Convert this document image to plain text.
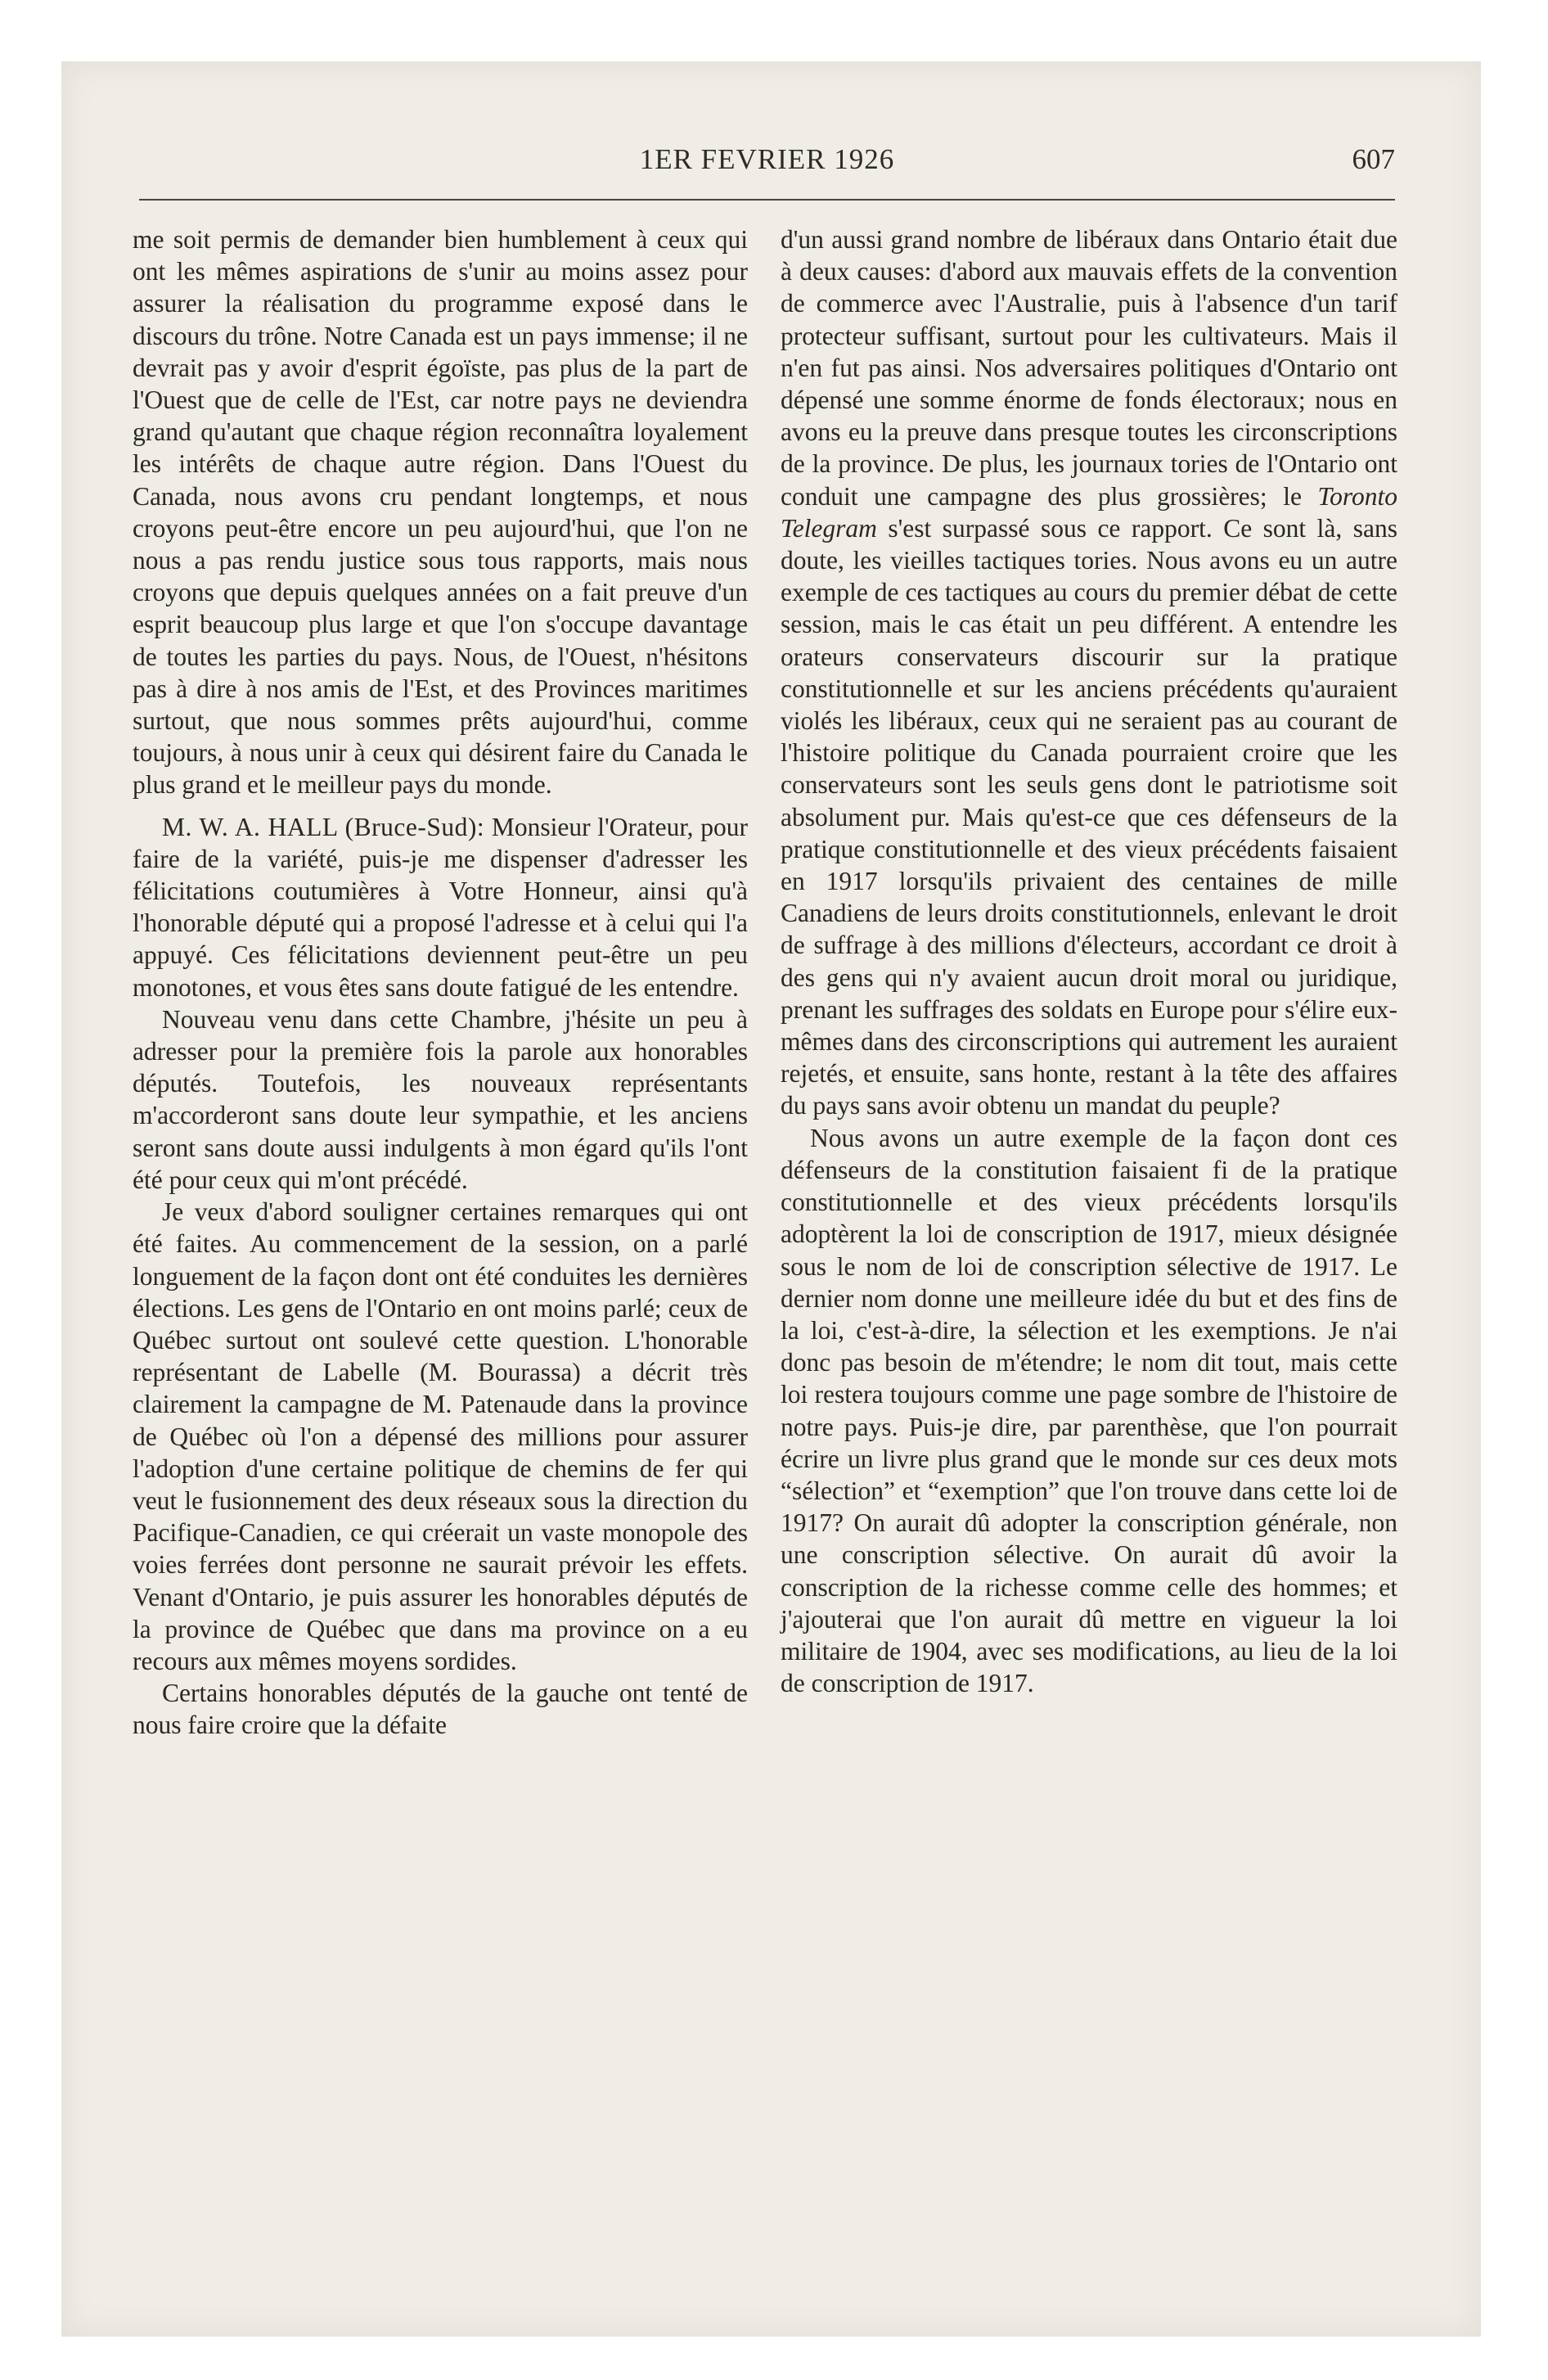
1ER FEVRIER 1926	607

me soit permis de demander bien humblement à ceux qui ont les mêmes aspirations de s'unir au moins assez pour assurer la réalisation du programme exposé dans le discours du trône. Notre Canada est un pays immense; il ne devrait pas y avoir d'esprit égoïste, pas plus de la part de l'Ouest que de celle de l'Est, car notre pays ne deviendra grand qu'autant que chaque région reconnaîtra loyalement les intérêts de chaque autre région. Dans l'Ouest du Canada, nous avons cru pendant longtemps, et nous croyons peut-être encore un peu aujourd'hui, que l'on ne nous a pas rendu justice sous tous rapports, mais nous croyons que depuis quelques années on a fait preuve d'un esprit beaucoup plus large et que l'on s'occupe davantage de toutes les parties du pays. Nous, de l'Ouest, n'hésitons pas à dire à nos amis de l'Est, et des Provinces maritimes surtout, que nous sommes prêts aujourd'hui, comme toujours, à nous unir à ceux qui désirent faire du Canada le plus grand et le meilleur pays du monde.

M. W. A. HALL (Bruce-Sud): Monsieur l'Orateur, pour faire de la variété, puis-je me dispenser d'adresser les félicitations coutumières à Votre Honneur, ainsi qu'à l'honorable député qui a proposé l'adresse et à celui qui l'a appuyé. Ces félicitations deviennent peut-être un peu monotones, et vous êtes sans doute fatigué de les entendre.

Nouveau venu dans cette Chambre, j'hésite un peu à adresser pour la première fois la parole aux honorables députés. Toutefois, les nouveaux représentants m'accorderont sans doute leur sympathie, et les anciens seront sans doute aussi indulgents à mon égard qu'ils l'ont été pour ceux qui m'ont précédé.

Je veux d'abord souligner certaines remarques qui ont été faites. Au commencement de la session, on a parlé longuement de la façon dont ont été conduites les dernières élections. Les gens de l'Ontario en ont moins parlé; ceux de Québec surtout ont soulevé cette question. L'honorable représentant de Labelle (M. Bourassa) a décrit très clairement la campagne de M. Patenaude dans la province de Québec où l'on a dépensé des millions pour assurer l'adoption d'une certaine politique de chemins de fer qui veut le fusionnement des deux réseaux sous la direction du Pacifique-Canadien, ce qui créerait un vaste monopole des voies ferrées dont personne ne saurait prévoir les effets. Venant d'Ontario, je puis assurer les honorables députés de la province de Québec que dans ma province on a eu recours aux mêmes moyens sordides.

Certains honorables députés de la gauche ont tenté de nous faire croire que la défaite

d'un aussi grand nombre de libéraux dans Ontario était due à deux causes: d'abord aux mauvais effets de la convention de commerce avec l'Australie, puis à l'absence d'un tarif protecteur suffisant, surtout pour les cultivateurs. Mais il n'en fut pas ainsi. Nos adversaires politiques d'Ontario ont dépensé une somme énorme de fonds électoraux; nous en avons eu la preuve dans presque toutes les circonscriptions de la province. De plus, les journaux tories de l'Ontario ont conduit une campagne des plus grossières; le Toronto Telegram s'est surpassé sous ce rapport. Ce sont là, sans doute, les vieilles tactiques tories. Nous avons eu un autre exemple de ces tactiques au cours du premier débat de cette session, mais le cas était un peu différent. A entendre les orateurs conservateurs discourir sur la pratique constitutionnelle et sur les anciens précédents qu'auraient violés les libéraux, ceux qui ne seraient pas au courant de l'histoire politique du Canada pourraient croire que les conservateurs sont les seuls gens dont le patriotisme soit absolument pur. Mais qu'est-ce que ces défenseurs de la pratique constitutionnelle et des vieux précédents faisaient en 1917 lorsqu'ils privaient des centaines de mille Canadiens de leurs droits constitutionnels, enlevant le droit de suffrage à des millions d'électeurs, accordant ce droit à des gens qui n'y avaient aucun droit moral ou juridique, prenant les suffrages des soldats en Europe pour s'élire eux-mêmes dans des circonscriptions qui autrement les auraient rejetés, et ensuite, sans honte, restant à la tête des affaires du pays sans avoir obtenu un mandat du peuple?

Nous avons un autre exemple de la façon dont ces défenseurs de la constitution faisaient fi de la pratique constitutionnelle et des vieux précédents lorsqu'ils adoptèrent la loi de conscription de 1917, mieux désignée sous le nom de loi de conscription sélective de 1917. Le dernier nom donne une meilleure idée du but et des fins de la loi, c'est-à-dire, la sélection et les exemptions. Je n'ai donc pas besoin de m'étendre; le nom dit tout, mais cette loi restera toujours comme une page sombre de l'histoire de notre pays. Puis-je dire, par parenthèse, que l'on pourrait écrire un livre plus grand que le monde sur ces deux mots “sélection” et “exemption” que l'on trouve dans cette loi de 1917? On aurait dû adopter la conscription générale, non une conscription sélective. On aurait dû avoir la conscription de la richesse comme celle des hommes; et j'ajouterai que l'on aurait dû mettre en vigueur la loi militaire de 1904, avec ses modifications, au lieu de la loi de conscription de 1917.
